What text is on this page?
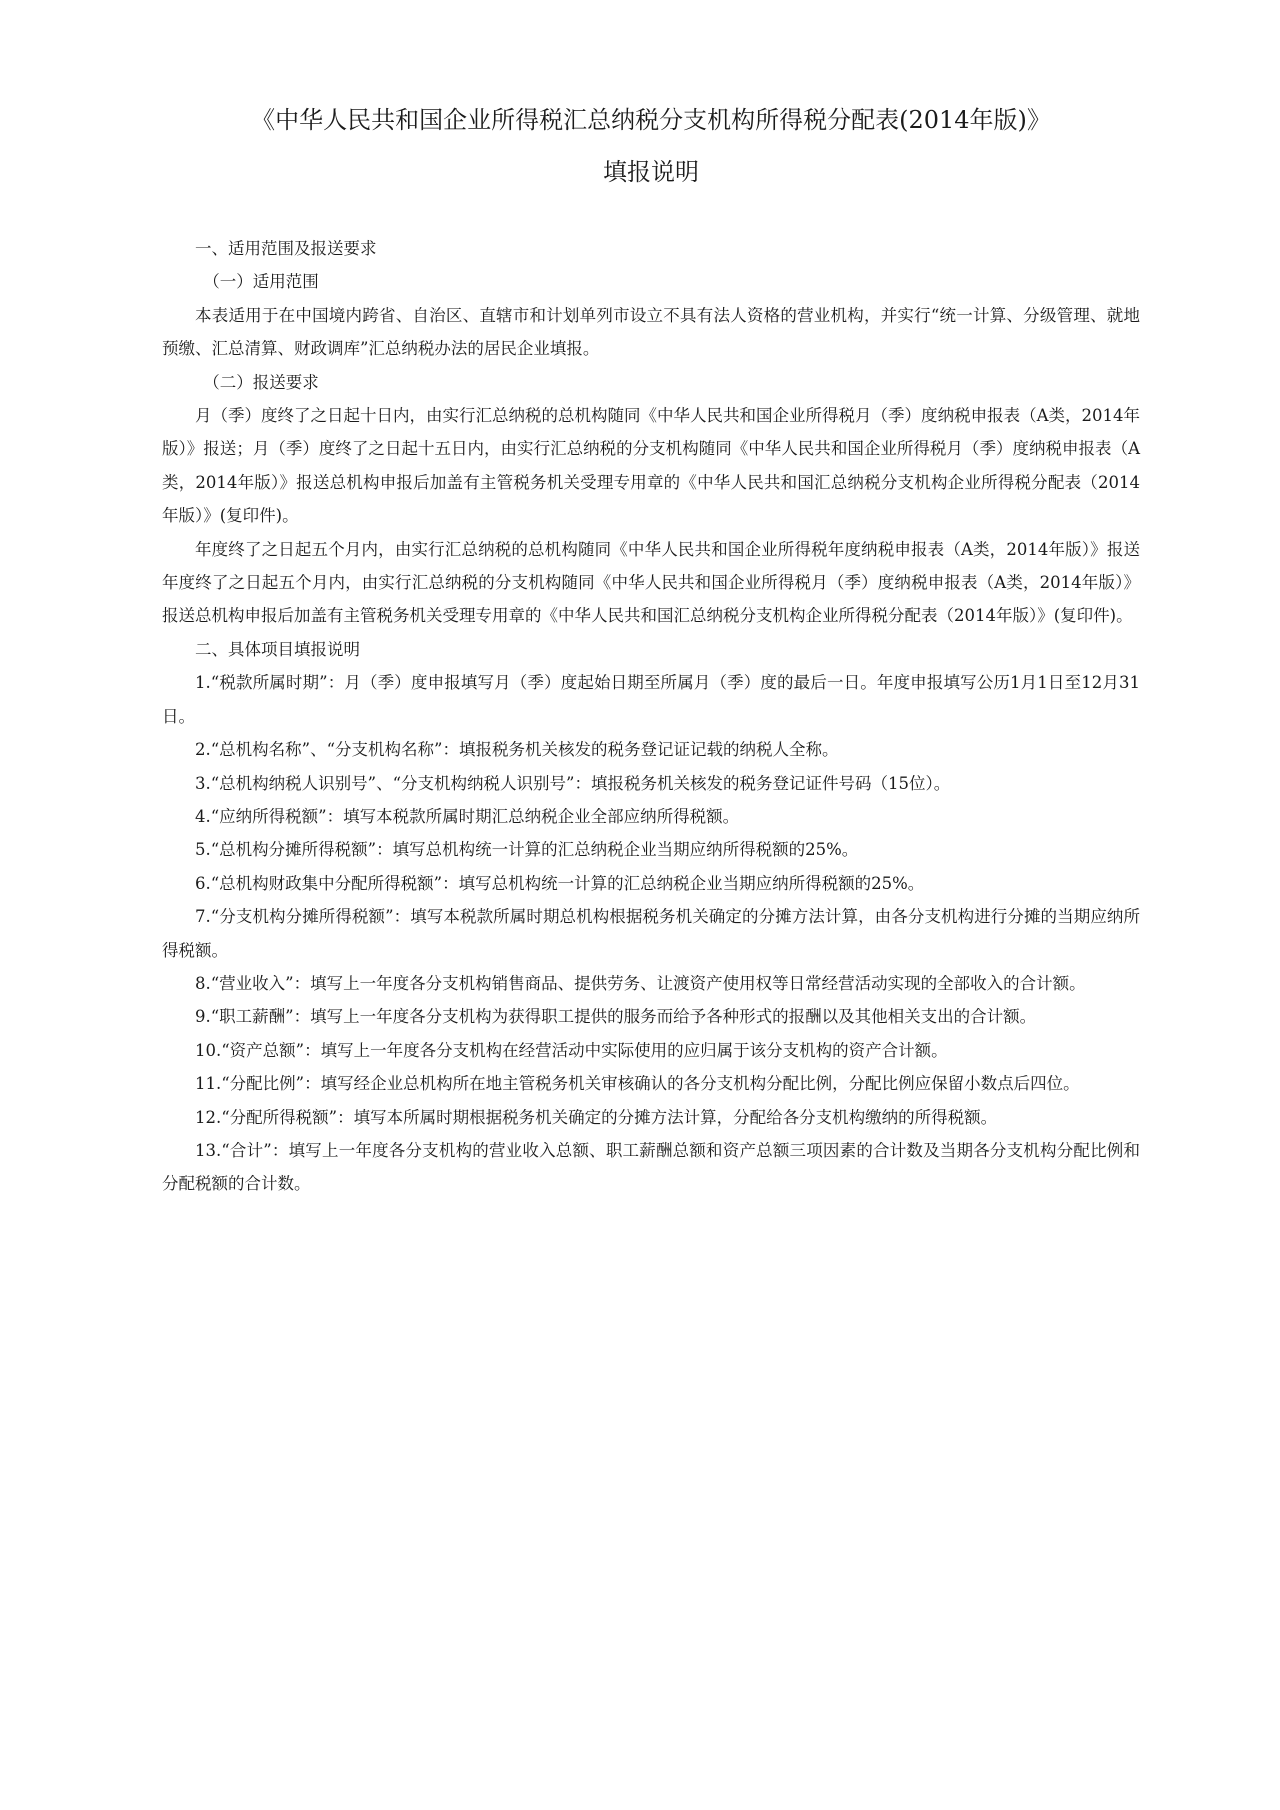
《中华人民共和国企业所得税汇总纳税分支机构所得税分配表(2014年版)》
填报说明

一、适用范围及报送要求

（一）适用范围

本表适用于在中国境内跨省、自治区、直辖市和计划单列市设立不具有法人资格的营业机构，并实行“统一计算、分级管理、就地预缴、汇总清算、财政调库”汇总纳税办法的居民企业填报。

（二）报送要求

月（季）度终了之日起十日内，由实行汇总纳税的总机构随同《中华人民共和国企业所得税月（季）度纳税申报表（A类，2014年版）》报送；月（季）度终了之日起十五日内，由实行汇总纳税的分支机构随同《中华人民共和国企业所得税月（季）度纳税申报表（A类，2014年版）》报送总机构申报后加盖有主管税务机关受理专用章的《中华人民共和国汇总纳税分支机构企业所得税分配表（2014年版）》(复印件)。

年度终了之日起五个月内，由实行汇总纳税的总机构随同《中华人民共和国企业所得税年度纳税申报表（A类，2014年版）》报送 年度终了之日起五个月内，由实行汇总纳税的分支机构随同《中华人民共和国企业所得税月（季）度纳税申报表（A类，2014年版）》报送总机构申报后加盖有主管税务机关受理专用章的《中华人民共和国汇总纳税分支机构企业所得税分配表（2014年版）》(复印件)。

二、具体项目填报说明

1.“税款所属时期”：月（季）度申报填写月（季）度起始日期至所属月（季）度的最后一日。年度申报填写公历1月1日至12月31日。

2.“总机构名称”、“分支机构名称”：填报税务机关核发的税务登记证记载的纳税人全称。

3.“总机构纳税人识别号”、“分支机构纳税人识别号”：填报税务机关核发的税务登记证件号码（15位）。

4.“应纳所得税额”：填写本税款所属时期汇总纳税企业全部应纳所得税额。

5.“总机构分摊所得税额”：填写总机构统一计算的汇总纳税企业当期应纳所得税额的25%。

6.“总机构财政集中分配所得税额”：填写总机构统一计算的汇总纳税企业当期应纳所得税额的25%。

7.“分支机构分摊所得税额”：填写本税款所属时期总机构根据税务机关确定的分摊方法计算，由各分支机构进行分摊的当期应纳所得税额。

8.“营业收入”：填写上一年度各分支机构销售商品、提供劳务、让渡资产使用权等日常经营活动实现的全部收入的合计额。

9.“职工薪酬”：填写上一年度各分支机构为获得职工提供的服务而给予各种形式的报酬以及其他相关支出的合计额。

10.“资产总额”：填写上一年度各分支机构在经营活动中实际使用的应归属于该分支机构的资产合计额。

11.“分配比例”：填写经企业总机构所在地主管税务机关审核确认的各分支机构分配比例，分配比例应保留小数点后四位。

12.“分配所得税额”：填写本所属时期根据税务机关确定的分摊方法计算，分配给各分支机构缴纳的所得税额。

13.“合计”：填写上一年度各分支机构的营业收入总额、职工薪酬总额和资产总额三项因素的合计数及当期各分支机构分配比例和分配税额的合计数。
